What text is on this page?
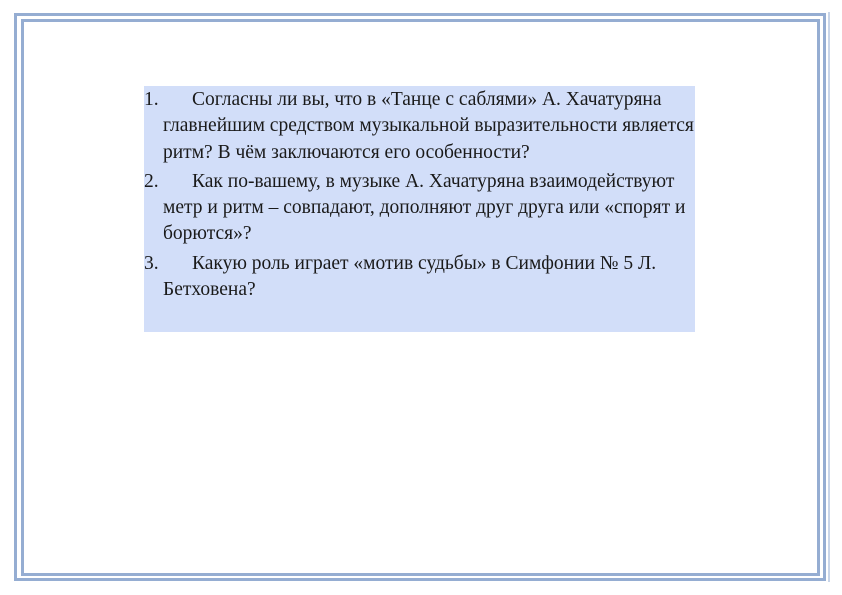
1.	Согласны ли вы, что в «Танце с саблями» А. Хачатуряна главнейшим средством музыкальной выразительности является ритм? В чём заключаются его особенности?
2.	Как по-вашему, в музыке А. Хачатуряна взаимодействуют метр и ритм – совпадают, дополняют друг друга или «спорят и борются»?
3.	Какую роль играет «мотив судьбы» в Симфонии № 5 Л. Бетховена?
